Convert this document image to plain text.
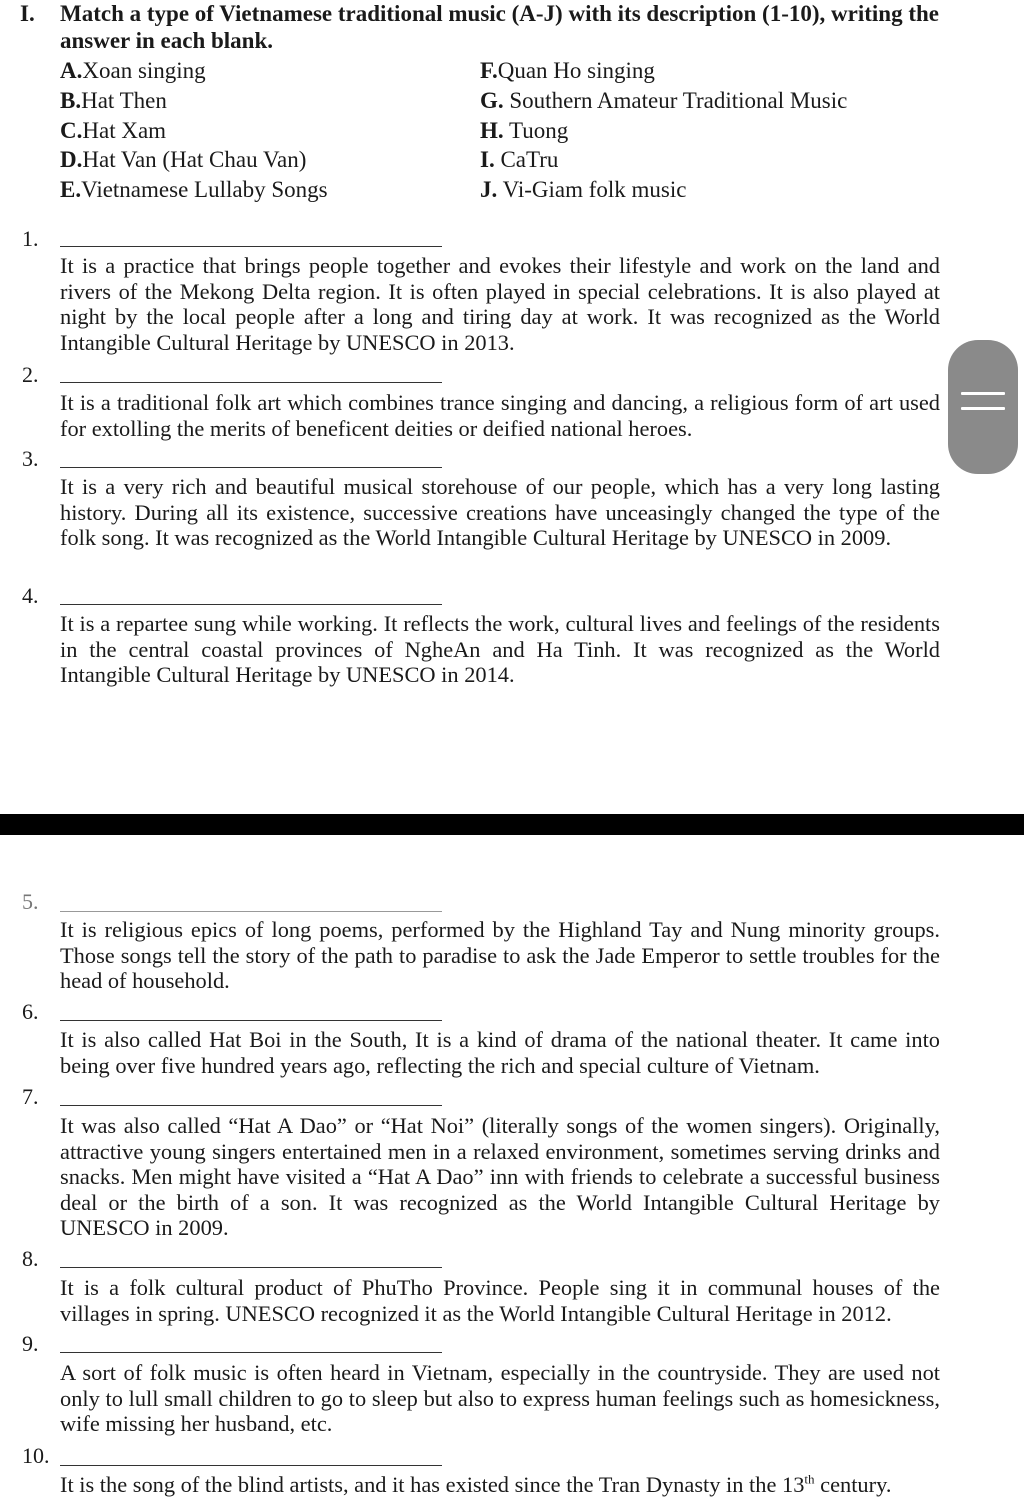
I. Match a type of Vietnamese traditional music (A-J) with its description (1-10), writing the answer in each blank.
A.Xoan singing
B.Hat Then
C.Hat Xam
D.Hat Van (Hat Chau Van)
E.Vietnamese Lullaby Songs
F.Quan Ho singing
G. Southern Amateur Traditional Music
H. Tuong
I. CaTru
J. Vi-Giam folk music
1.
It is a practice that brings people together and evokes their lifestyle and work on the land and rivers of the Mekong Delta region. It is often played in special celebrations. It is also played at night by the local people after a long and tiring day at work. It was recognized as the World Intangible Cultural Heritage by UNESCO in 2013.
2.
It is a traditional folk art which combines trance singing and dancing, a religious form of art used for extolling the merits of beneficent deities or deified national heroes.
3.
It is a very rich and beautiful musical storehouse of our people, which has a very long lasting history. During all its existence, successive creations have unceasingly changed the type of the folk song. It was recognized as the World Intangible Cultural Heritage by UNESCO in 2009.
4.
It is a repartee sung while working. It reflects the work, cultural lives and feelings of the residents in the central coastal provinces of NgheAn and Ha Tinh. It was recognized as the World Intangible Cultural Heritage by UNESCO in 2014.
5.
It is religious epics of long poems, performed by the Highland Tay and Nung minority groups. Those songs tell the story of the path to paradise to ask the Jade Emperor to settle troubles for the head of household.
6.
It is also called Hat Boi in the South, It is a kind of drama of the national theater. It came into being over five hundred years ago, reflecting the rich and special culture of Vietnam.
7.
It was also called “Hat A Dao” or “Hat Noi” (literally songs of the women singers). Originally, attractive young singers entertained men in a relaxed environment, sometimes serving drinks and snacks. Men might have visited a “Hat A Dao” inn with friends to celebrate a successful business deal or the birth of a son. It was recognized as the World Intangible Cultural Heritage by UNESCO in 2009.
8.
It is a folk cultural product of PhuTho Province. People sing it in communal houses of the villages in spring. UNESCO recognized it as the World Intangible Cultural Heritage in 2012.
9.
A sort of folk music is often heard in Vietnam, especially in the countryside. They are used not only to lull small children to go to sleep but also to express human feelings such as homesickness, wife missing her husband, etc.
10.
It is the song of the blind artists, and it has existed since the Tran Dynasty in the 13th century.
